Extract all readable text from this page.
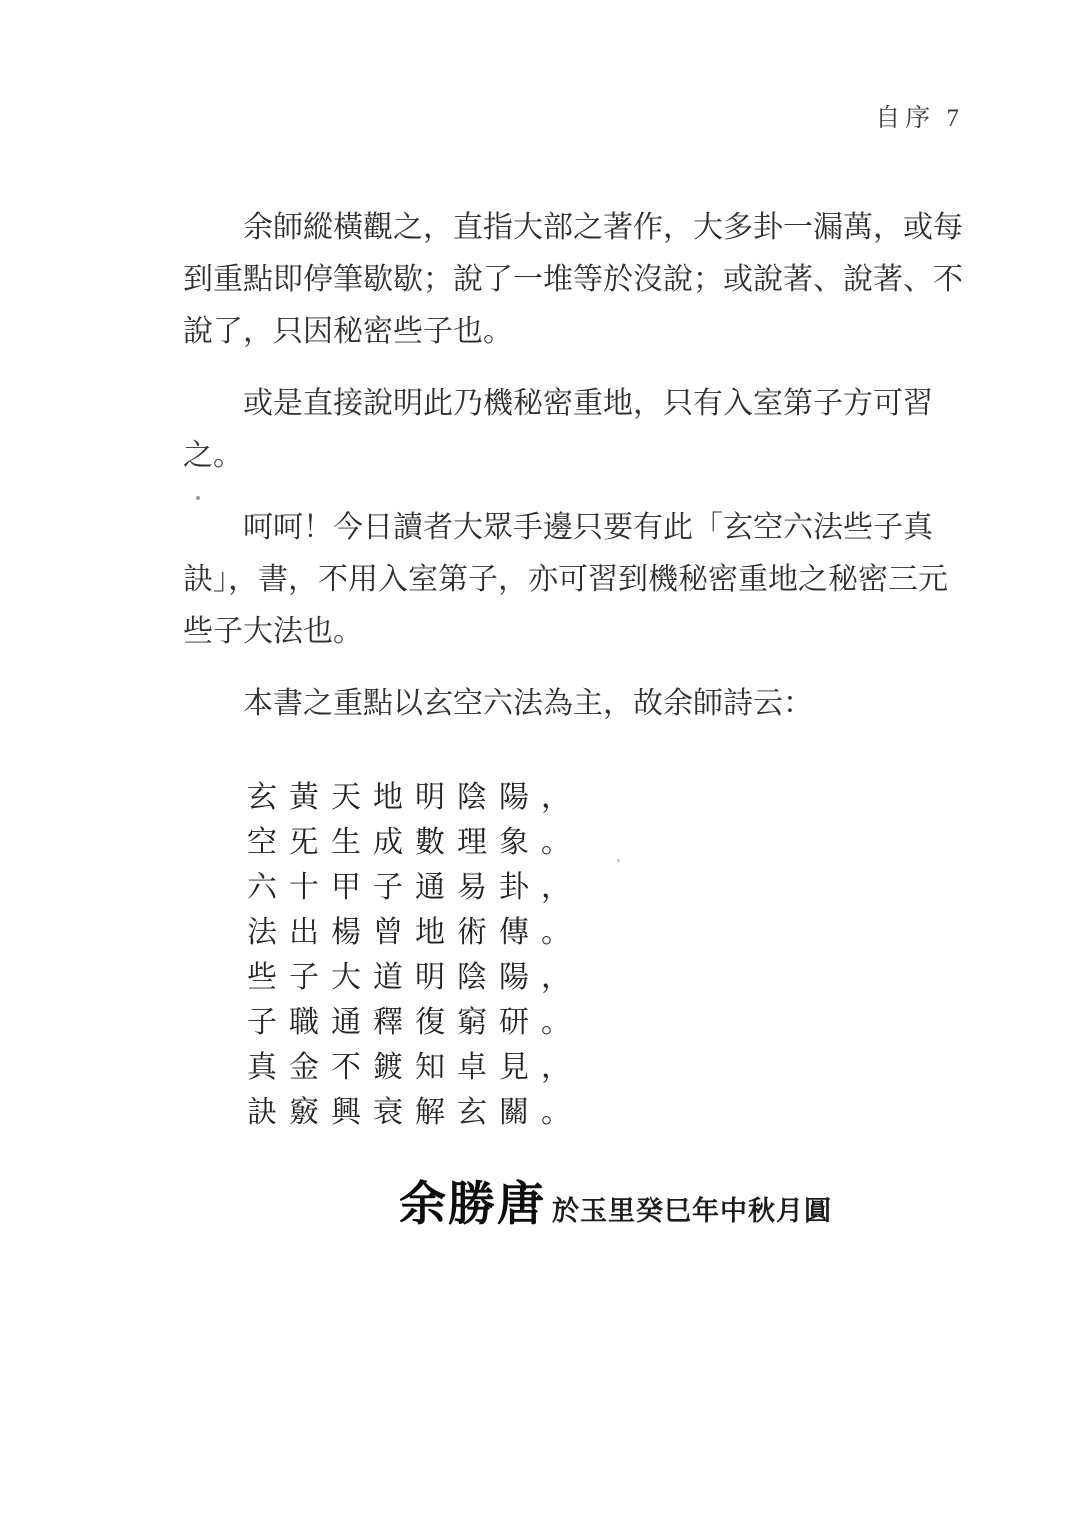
自序 7

余師縱橫觀之，直指大部之著作，大多卦一漏萬，或每
到重點即停筆歇歇；說了一堆等於沒說；或說著、說著、不
說了，只因秘密些子也。

或是直接說明此乃機秘密重地，只有入室第子方可習
之。

呵呵！今日讀者大眾手邊只要有此「玄空六法些子真
訣」，書，不用入室第子，亦可習到機秘密重地之秘密三元
些子大法也。

本書之重點以玄空六法為主，故余師詩云：

玄黃天地明陰陽，
空旡生成數理象。
六十甲子通易卦，
法出楊曾地術傳。
些子大道明陰陽，
子職通釋復窮研。
真金不鍍知卓見，
訣竅興衰解玄關。
余勝唐 於玉里癸巳年中秋月圓
